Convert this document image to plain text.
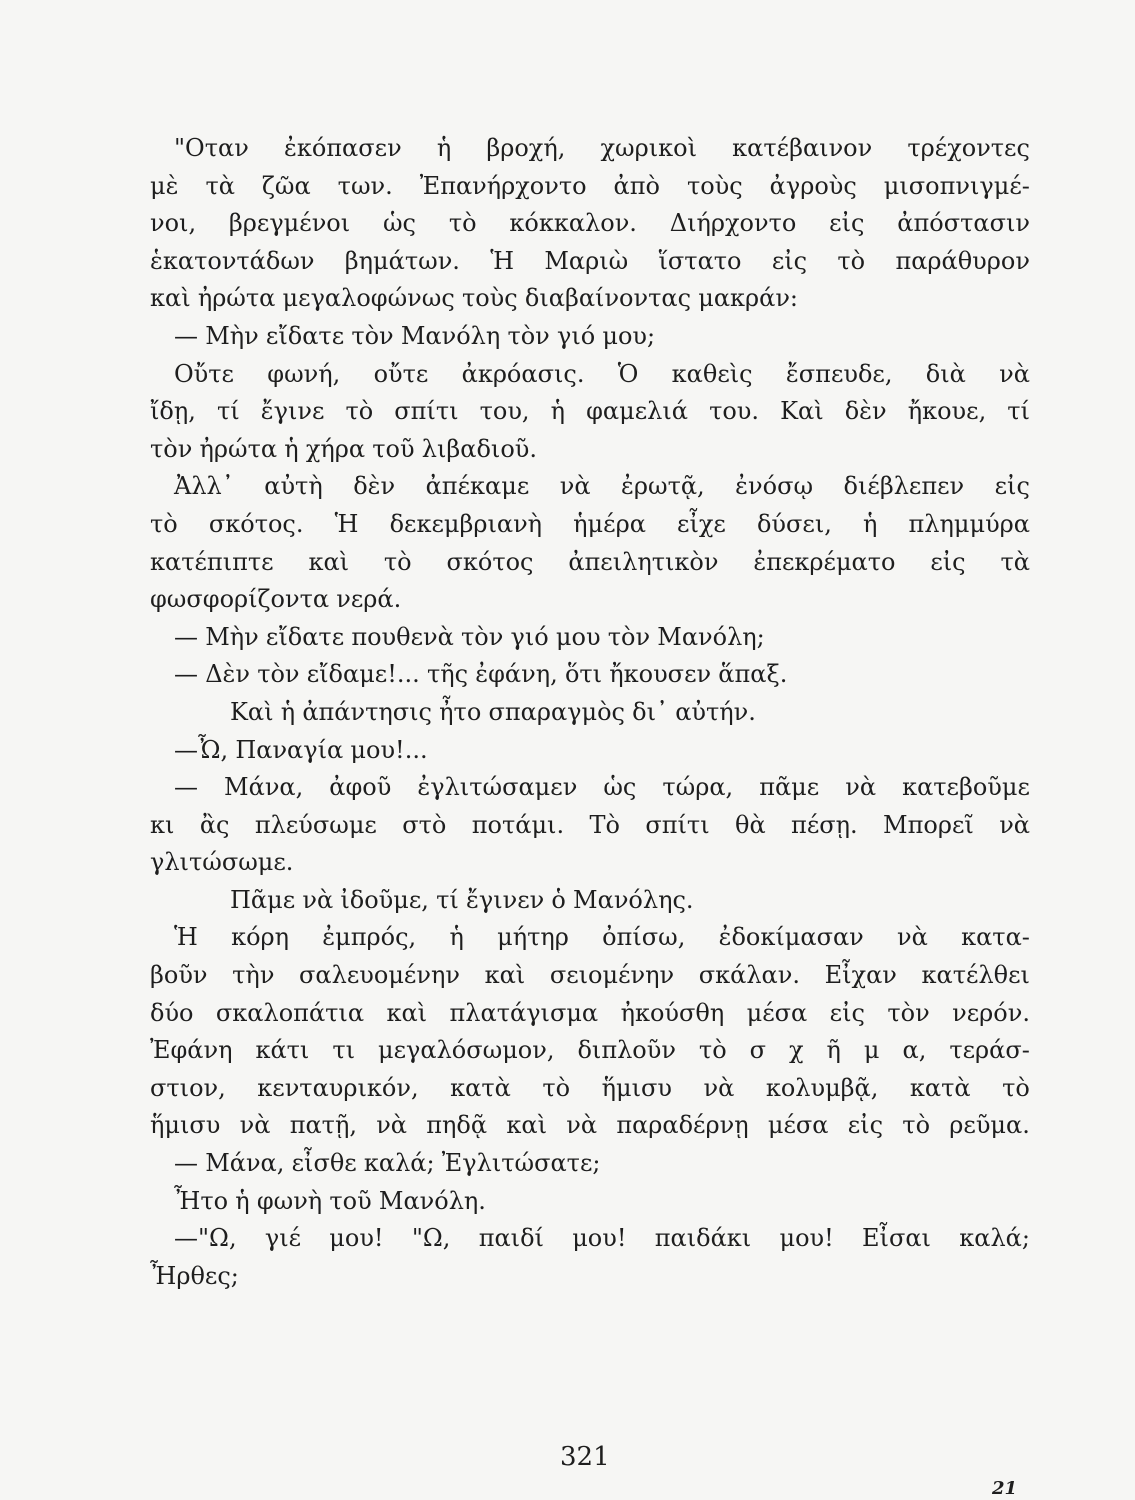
"Οταν ἐκόπασεν ἡ βροχή, χωρικοὶ κατέβαινον τρέχοντες
μὲ τὰ ζῶα των. Ἐπανήρχοντο ἀπὸ τοὺς ἀγροὺς μισοπνιγμέ-
νοι, βρεγμένοι ὡς τὸ κόκκαλον. Διήρχοντο εἰς ἀπόστασιν
ἑκατοντάδων βημάτων. Ἡ Μαριὼ ἵστατο εἰς τὸ παράθυρον
καὶ ἠρώτα μεγαλοφώνως τοὺς διαβαίνοντας μακράν:
— Μὴν εἴδατε τὸν Μανόλη τὸν γιό μου;
Οὔτε φωνή, οὔτε ἀκρόασις. Ὁ καθεὶς ἔσπευδε, διὰ νὰ
ἴδῃ, τί ἔγινε τὸ σπίτι του, ἡ φαμελιά του. Καὶ δὲν ἤκουε, τί
τὸν ἠρώτα ἡ χήρα τοῦ λιβαδιοῦ.
Ἀλλ᾽ αὐτὴ δὲν ἀπέκαμε νὰ ἐρωτᾷ, ἐνόσῳ διέβλεπεν εἰς
τὸ σκότος. Ἡ δεκεμβριανὴ ἡμέρα εἶχε δύσει, ἡ πλημμύρα
κατέπιπτε καὶ τὸ σκότος ἀπειλητικὸν ἐπεκρέματο εἰς τὰ
φωσφορίζοντα νερά.
— Μὴν εἴδατε πουθενὰ τὸν γιό μου τὸν Μανόλη;
— Δὲν τὸν εἴδαμε!... τῆς ἐφάνη, ὅτι ἤκουσεν ἅπαξ.
Καὶ ἡ ἀπάντησις ἦτο σπαραγμὸς δι᾽ αὐτήν.
—Ὦ, Παναγία μου!...
— Μάνα, ἀφοῦ ἐγλιτώσαμεν ὡς τώρα, πᾶμε νὰ κατεβοῦμε
κι ἂς πλεύσωμε στὸ ποτάμι. Τὸ σπίτι θὰ πέσῃ. Μπορεῖ νὰ
γλιτώσωμε.
Πᾶμε νὰ ἰδοῦμε, τί ἔγινεν ὁ Μανόλης.
Ἡ κόρη ἐμπρός, ἡ μήτηρ ὀπίσω, ἐδοκίμασαν νὰ κατα-
βοῦν τὴν σαλευομένην καὶ σειομένην σκάλαν. Εἶχαν κατέλθει
δύο σκαλοπάτια καὶ πλατάγισμα ἠκούσθη μέσα εἰς τὸν νερόν.
Ἐφάνη κάτι τι μεγαλόσωμον, διπλοῦν τὸ σ χ ῆ μ α, τεράσ-
στιον, κενταυρικόν, κατὰ τὸ ἥμισυ νὰ κολυμβᾷ, κατὰ τὸ
ἥμισυ νὰ πατῇ, νὰ πηδᾷ καὶ νὰ παραδέρνῃ μέσα εἰς τὸ ρεῦμα.
— Μάνα, εἶσθε καλά; Ἐγλιτώσατε;
Ἦτο ἡ φωνὴ τοῦ Μανόλη.
—"Ω, γιέ μου! "Ω, παιδί μου! παιδάκι μου! Εἶσαι καλά;
Ἦρθες;
321
21
